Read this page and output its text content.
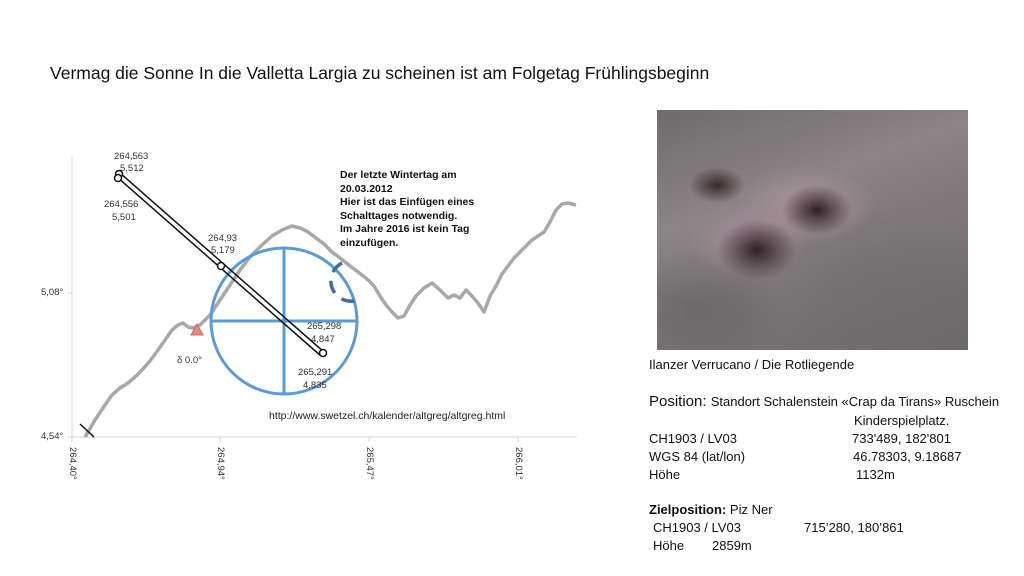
Vermag die Sonne In die Valletta Largia zu scheinen ist am Folgetag Frühlingsbeginn
5,08°
4,54°
264,40°	264,94°	265,47°	266,01°
264,563
5,512
264,556
5,501
264,93
5,179
265,298
4,847
265,291
4,835
δ 0.0°
Der letzte Wintertag am
20.03.2012
Hier ist das Einfügen eines
Schalttages notwendig.
Im Jahre 2016 ist kein Tag
einzufügen.
http://www.swetzel.ch/kalender/altgreg/altgreg.html
Ilanzer Verrucano / Die Rotliegende
Position: Standort Schalenstein «Crap da Tirans» Ruschein
Kinderspielplatz.
CH1903 / LV03	733'489, 182'801
WGS 84 (lat/lon)	46.78303, 9.18687
Höhe	1132m
Zielposition: Piz Ner
CH1903 / LV03	715’280, 180’861
Höhe 2859m
